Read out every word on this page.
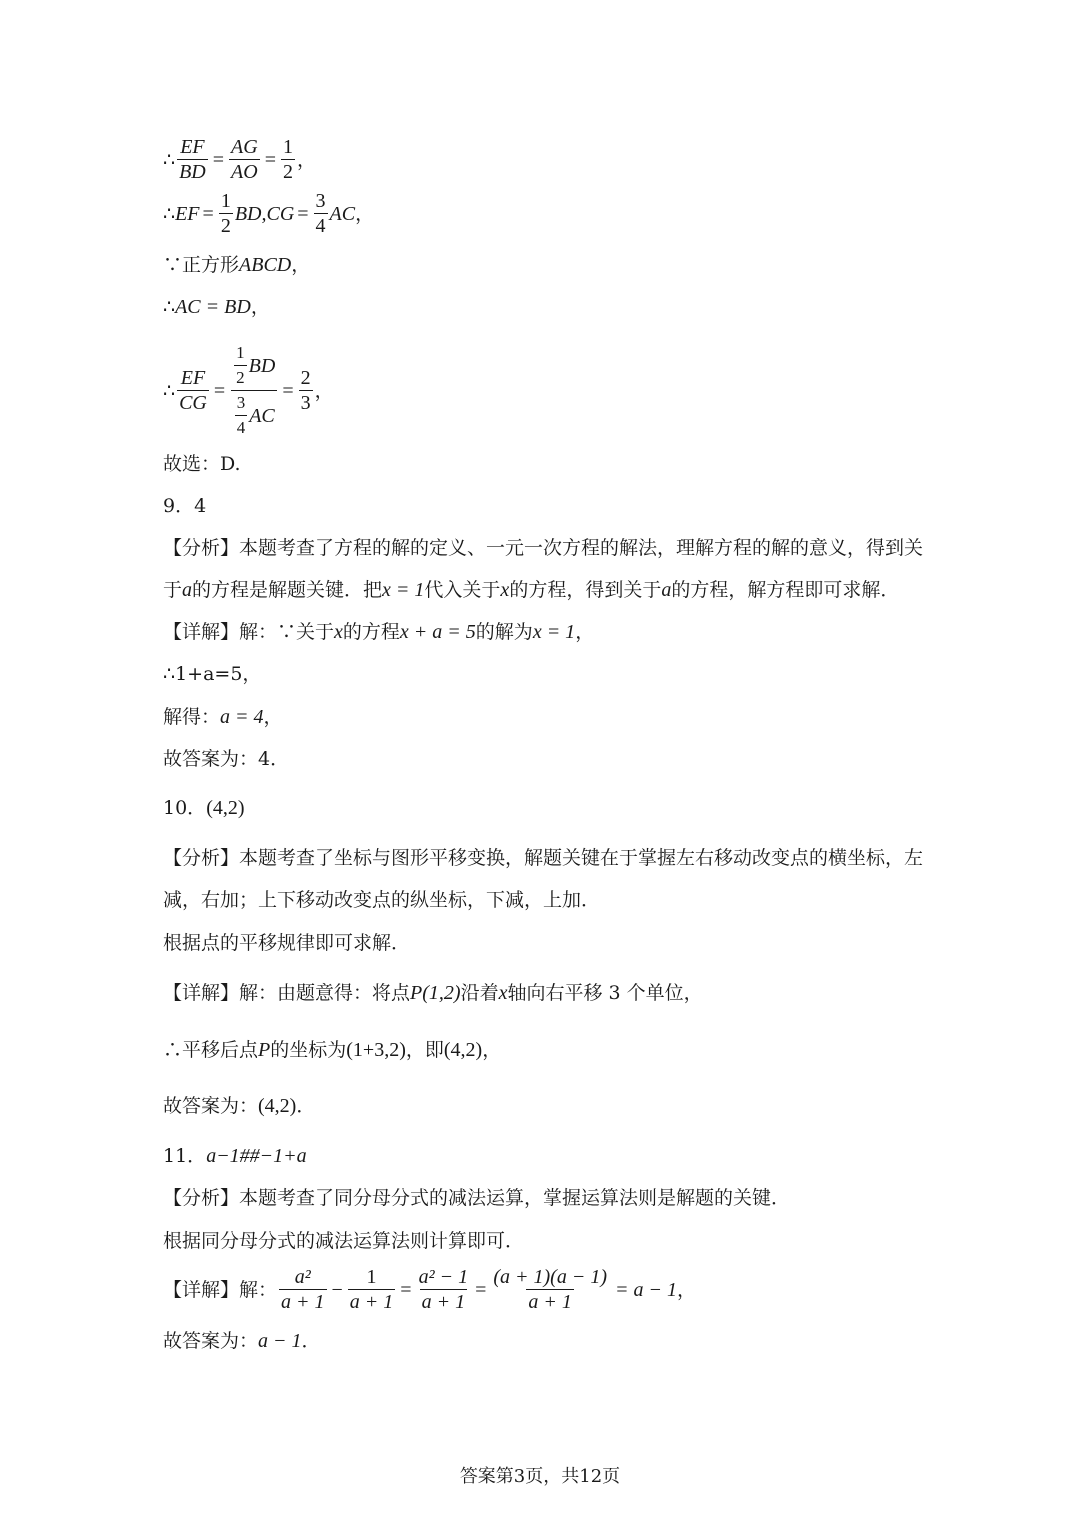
∴ $\frac{EF}{BD} = \frac{AG}{AO} = \frac{1}{2}$ ，
∴ EF = $\frac{1}{2} BD,CG = \frac{3}{4}$ AC ，
∵正方形ABCD，
∴AC = BD，
∴ $\frac{EF}{CG} = \frac{\frac{1}{2} BD}{\frac{3}{4} AC} = \frac{2}{3}$ ，
故选：D.
9．4
【分析】本题考查了方程的解的定义、一元一次方程的解法，理解方程的解的意义，得到关
于a的方程是解题关键．把x = 1代入关于x的方程，得到关于a的方程，解方程即可求解．
【详解】解：∵关于x的方程x + a = 5的解为x = 1，
∴1+a=5，
解得：a = 4，
故答案为：4．
10．(4,2)
【分析】本题考查了坐标与图形平移变换，解题关键在于掌握左右移动改变点的横坐标，左
减，右加；上下移动改变点的纵坐标，下减，上加．
根据点的平移规律即可求解．
【详解】解：由题意得：将点P(1,2)沿着x轴向右平移 3 个单位，
∴平移后点P的坐标为(1+3,2)，即(4,2)，
故答案为：(4,2)．
11．a−1##−1+a
【分析】本题考查了同分母分式的减法运算，掌握运算法则是解题的关键．
根据同分母分式的减法运算法则计算即可．
【详解】解： $\frac{\text{a²}}{a + 1} - \frac{1}{a + 1} = \frac{\text{a² − 1}}{a + 1} = \frac{(a + 1)(a - 1)}{a + 1} = a - 1$ ，
故答案为：a − 1．
答案第3页，共12页
